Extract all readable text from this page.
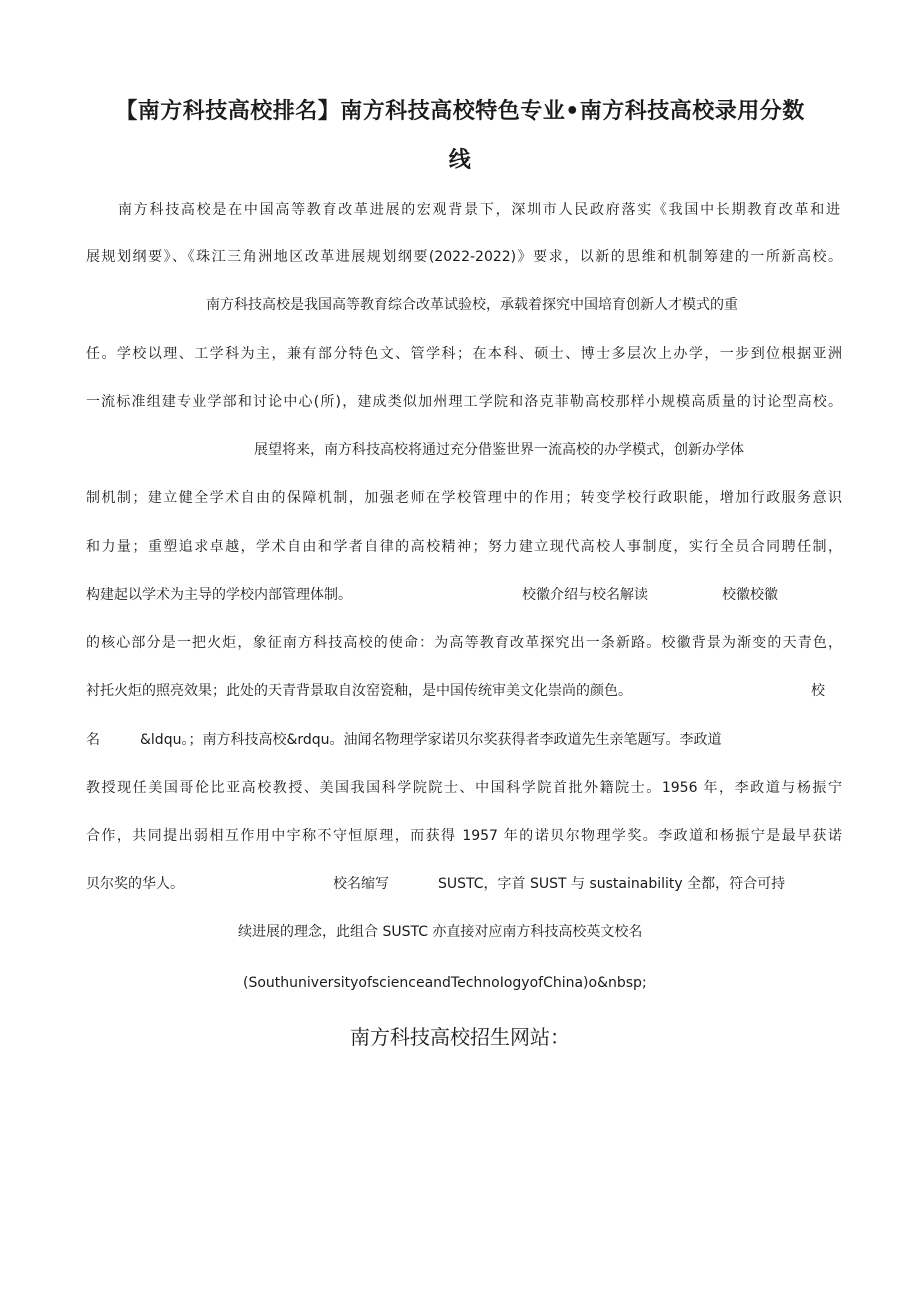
【南方科技高校排名】南方科技高校特色专业•南方科技高校录用分数
线
南方科技高校是在中国高等教育改革进展的宏观背景下，深圳市人民政府落实《我国中长期教育改革和进
展规划纲要》、《珠江三角洲地区改革进展规划纲要(2022-2022)》要求，以新的思维和机制筹建的一所新高校。
南方科技高校是我国高等教育综合改革试验校，承载着探究中国培育创新人才模式的重
任。学校以理、工学科为主，兼有部分特色文、管学科；在本科、硕士、博士多层次上办学，一步到位根据亚洲
一流标准组建专业学部和讨论中心(所)，建成类似加州理工学院和洛克菲勒高校那样小规模高质量的讨论型高校。
展望将来，南方科技高校将通过充分借鉴世界一流高校的办学模式，创新办学体
制机制；建立健全学术自由的保障机制，加强老师在学校管理中的作用；转变学校行政职能，增加行政服务意识
和力量；重塑追求卓越，学术自由和学者自律的高校精神；努力建立现代高校人事制度，实行全员合同聘任制，
构建起以学术为主导的学校内部管理体制。	校徽介绍与校名解读	校徽校徽
的核心部分是一把火炬，象征南方科技高校的使命：为高等教育改革探究出一条新路。校徽背景为渐变的天青色，
衬托火炬的照亮效果；此处的天青背景取自汝窑瓷釉，是中国传统审美文化崇尚的颜色。	校
名	&ldqu。；南方科技高校&rdqu。油闻名物理学家诺贝尔奖获得者李政道先生亲笔题写。李政道
教授现任美国哥伦比亚高校教授、美国我国科学院院士、中国科学院首批外籍院士。1956 年，李政道与杨振宁
合作，共同提出弱相互作用中宇称不守恒原理，而获得 1957 年的诺贝尔物理学奖。李政道和杨振宁是最早获诺
贝尔奖的华人。	校名缩写	SUSTC，字首 SUST 与 sustainability 全都，符合可持
续进展的理念，此组合 SUSTC 亦直接对应南方科技高校英文校名
(SouthuniversityofscienceandTechnoIogyofChina)o&nbsp;
南方科技高校招生网站：
